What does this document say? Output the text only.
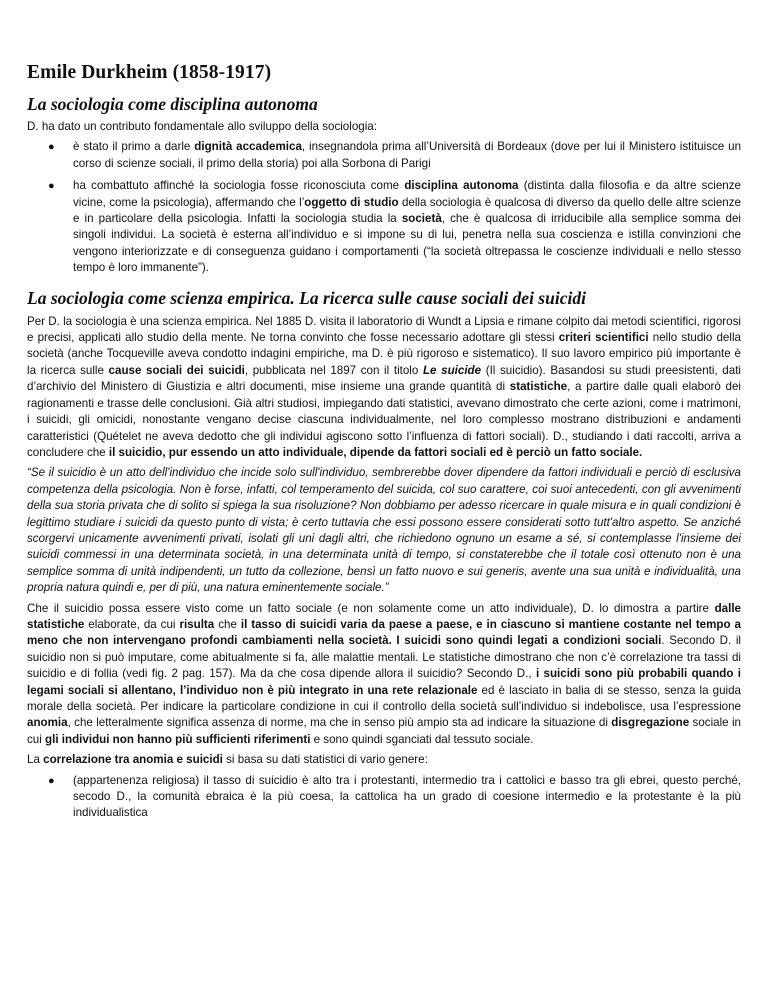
Emile Durkheim (1858-1917)
La sociologia come disciplina autonoma

D. ha dato un contributo fondamentale allo sviluppo della sociologia:

● è stato il primo a darle dignità accademica, insegnandola prima all’Università di Bordeaux (dove per lui il Ministero istituisce un corso di scienze sociali, il primo della storia) poi alla Sorbona di Parigi
● ha combattuto affinché la sociologia fosse riconosciuta come disciplina autonoma (distinta dalla filosofia e da altre scienze vicine, come la psicologia), affermando che l’oggetto di studio della sociologia è qualcosa di diverso da quello delle altre scienze e in particolare della psicologia. Infatti la sociologia studia la società, che è qualcosa di irriducibile alla semplice somma dei singoli individui. La società è esterna all’individuo e si impone su di lui, penetra nella sua coscienza e istilla convinzioni che vengono interiorizzate e di conseguenza guidano i comportamenti (“la società oltrepassa le coscienze individuali e nello stesso tempo è loro immanente”).
La sociologia come scienza empirica. La ricerca sulle cause sociali dei suicidi

Per D. la sociologia è una scienza empirica. Nel 1885 D. visita il laboratorio di Wundt a Lipsia e rimane colpito dai metodi scientifici, rigorosi e precisi, applicati allo studio della mente. Ne torna convinto che fosse necessario adottare gli stessi criteri scientifici nello studio della società (anche Tocqueville aveva condotto indagini empiriche, ma D. è più rigoroso e sistematico). Il suo lavoro empirico più importante è la ricerca sulle cause sociali dei suicidi, pubblicata nel 1897 con il titolo Le suicide (Il suicidio). Basandosi su studi preesistenti, dati d’archivio del Ministero di Giustizia e altri documenti, mise insieme una grande quantità di statistiche, a partire dalle quali elaborò dei ragionamenti e trasse delle conclusioni. Già altri studiosi, impiegando dati statistici, avevano dimostrato che certe azioni, come i matrimoni, i suicidi, gli omicidi, nonostante vengano decise ciascuna individualmente, nel loro complesso mostrano distribuzioni e andamenti caratteristici (Quételet ne aveva dedotto che gli individui agiscono sotto l’influenza di fattori sociali). D., studiando i dati raccolti, arriva a concludere che il suicidio, pur essendo un atto individuale, dipende da fattori sociali ed è perciò un fatto sociale.

“Se il suicidio è un atto dell'individuo che incide solo sull'individuo, sembrerebbe dover dipendere da fattori individuali e perciò di esclusiva competenza della psicologia. Non è forse, infatti, col temperamento del suicida, col suo carattere, coi suoi antecedenti, con gli avvenimenti della sua storia privata che di solito si spiega la sua risoluzione? Non dobbiamo per adesso ricercare in quale misura e in quali condizioni è legittimo studiare i suicidi da questo punto di vista; è certo tuttavia che essi possono essere considerati sotto tutt'altro aspetto. Se anziché scorgervi unicamente avvenimenti privati, isolati gli uni dagli altri, che richiedono ognuno un esame a sé, si contemplasse l'insieme dei suicidi commessi in una determinata società, in una determinata unità di tempo, si constaterebbe che il totale così ottenuto non è una semplice somma di unità indipendenti, un tutto da collezione, bensì un fatto nuovo e sui generis, avente una sua unità e individualità, una propria natura quindi e, per di più, una natura eminentemente sociale.”

Che il suicidio possa essere visto come un fatto sociale (e non solamente come un atto individuale), D. lo dimostra a partire dalle statistiche elaborate, da cui risulta che il tasso di suicidi varia da paese a paese, e in ciascuno si mantiene costante nel tempo a meno che non intervengano profondi cambiamenti nella società. I suicidi sono quindi legati a condizioni sociali. Secondo D. il suicidio non si può imputare, come abitualmente si fa, alle malattie mentali. Le statistiche dimostrano che non c’è correlazione tra tassi di suicidio e di follia (vedi fig. 2 pag. 157). Ma da che cosa dipende allora il suicidio? Secondo D., i suicidi sono più probabili quando i legami sociali si allentano, l’individuo non è più integrato in una rete relazionale ed è lasciato in balia di se stesso, senza la guida morale della società. Per indicare la particolare condizione in cui il controllo della società sull’individuo si indebolisce, usa l’espressione anomia, che letteralmente significa assenza di norme, ma che in senso più ampio sta ad indicare la situazione di disgregazione sociale in cui gli individui non hanno più sufficienti riferimenti e sono quindi sganciati dal tessuto sociale.

La correlazione tra anomia e suicidi si basa su dati statistici di vario genere:

● (appartenenza religiosa) il tasso di suicidio è alto tra i protestanti, intermedio tra i cattolici e basso tra gli ebrei, questo perché, secodo D., la comunità ebraica è la più coesa, la cattolica ha un grado di coesione intermedio e la protestante è la più individualistica
